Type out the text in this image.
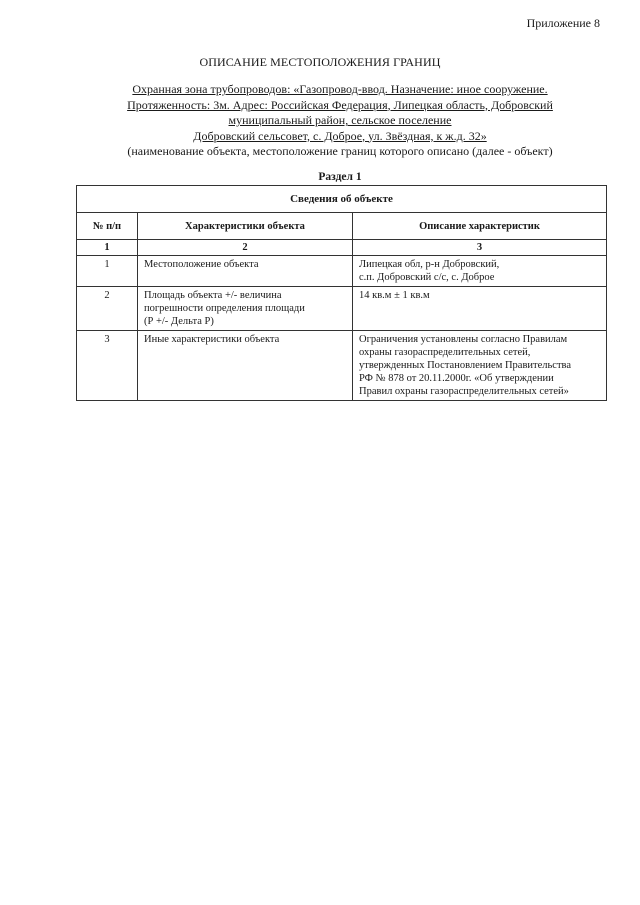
Приложение 8
ОПИСАНИЕ МЕСТОПОЛОЖЕНИЯ ГРАНИЦ
Охранная зона трубопроводов: «Газопровод-ввод. Назначение: иное сооружение.
Протяженность: 3м. Адрес: Российская Федерация, Липецкая область, Добровский
муниципальный район, сельское поселение
Добровский сельсовет, с. Доброе, ул. Звёздная, к ж.д. 32»
(наименование объекта, местоположение границ которого описано (далее - объект)
Раздел 1
Сведения об объекте		
№ п/п	Характеристики объекта	Описание характеристик
1	2	3
1	Местоположение объекта	Липецкая обл, р-н Добровский,
с.п. Добровский с/с, с. Доброе

2	Площадь объекта +/- величина
погрешности определения площади
(Р +/- Дельта Р)	14 кв.м ± 1 кв.м
3	Иные характеристики объекта	Ограничения установлены согласно Правилам
охраны газораспределительных сетей,
утвержденных Постановлением Правительства
РФ № 878 от 20.11.2000г. «Об утверждении
Правил охраны газораспределительных сетей»
